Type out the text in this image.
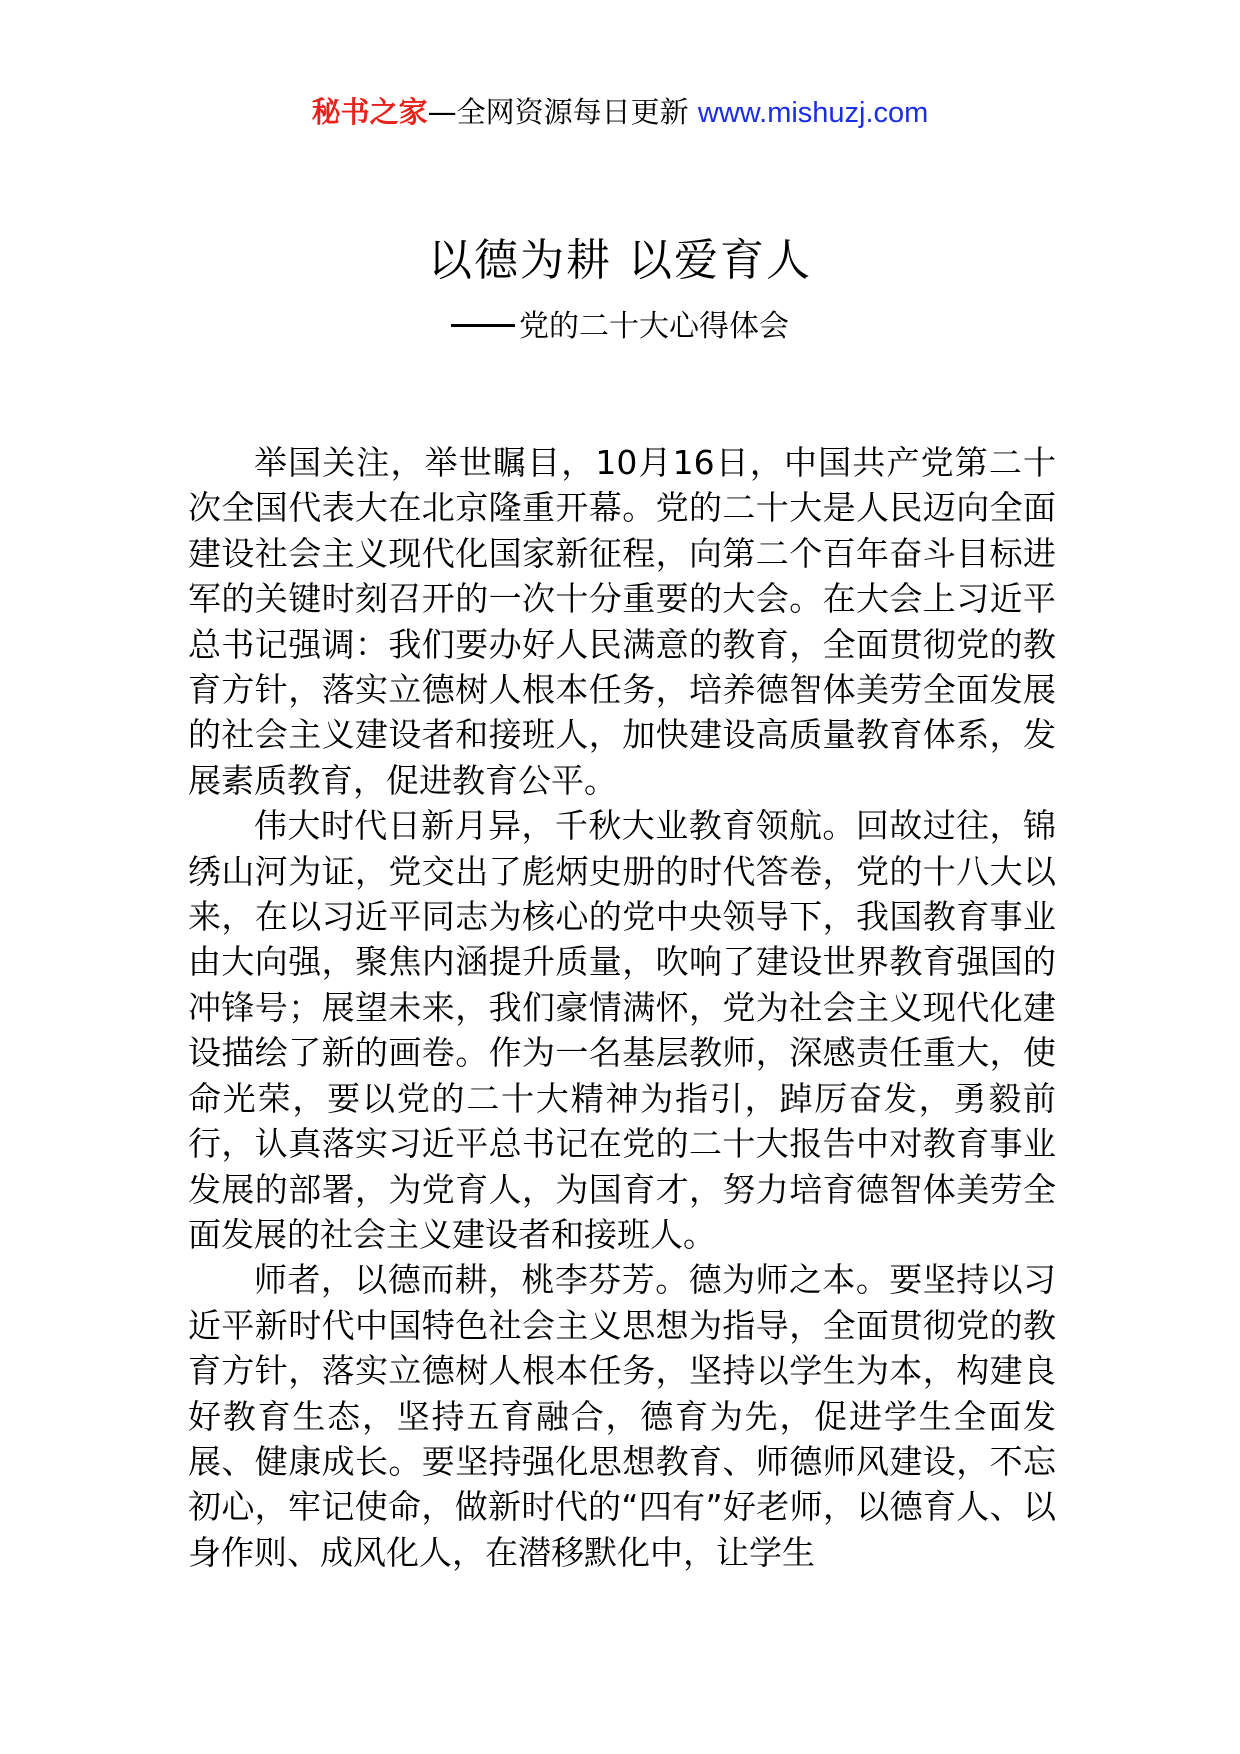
秘书之家—全网资源每日更新 www.mishuzj.com
以德为耕 以爱育人
党的二十大心得体会

举国关注，举世瞩目，10月16日，中国共产党第二十次全国代表大在北京隆重开幕。党的二十大是人民迈向全面建设社会主义现代化国家新征程，向第二个百年奋斗目标进军的关键时刻召开的一次十分重要的大会。在大会上习近平总书记强调：我们要办好人民满意的教育，全面贯彻党的教育方针，落实立德树人根本任务，培养德智体美劳全面发展的社会主义建设者和接班人，加快建设高质量教育体系，发展素质教育，促进教育公平。

伟大时代日新月异，千秋大业教育领航。回故过往，锦绣山河为证，党交出了彪炳史册的时代答卷，党的十八大以来，在以习近平同志为核心的党中央领导下，我国教育事业由大向强，聚焦内涵提升质量，吹响了建设世界教育强国的冲锋号；展望未来，我们豪情满怀，党为社会主义现代化建设描绘了新的画卷。作为一名基层教师，深感责任重大，使命光荣，要以党的二十大精神为指引，踔厉奋发，勇毅前行，认真落实习近平总书记在党的二十大报告中对教育事业发展的部署，为党育人，为国育才，努力培育德智体美劳全面发展的社会主义建设者和接班人。

师者，以德而耕，桃李芬芳。德为师之本。要坚持以习近平新时代中国特色社会主义思想为指导，全面贯彻党的教育方针，落实立德树人根本任务，坚持以学生为本，构建良好教育生态，坚持五育融合，德育为先，促进学生全面发展、健康成长。要坚持强化思想教育、师德师风建设，不忘初心，牢记使命，做新时代的“四有”好老师，以德育人、以身作则、成风化人，在潜移默化中，让学生
